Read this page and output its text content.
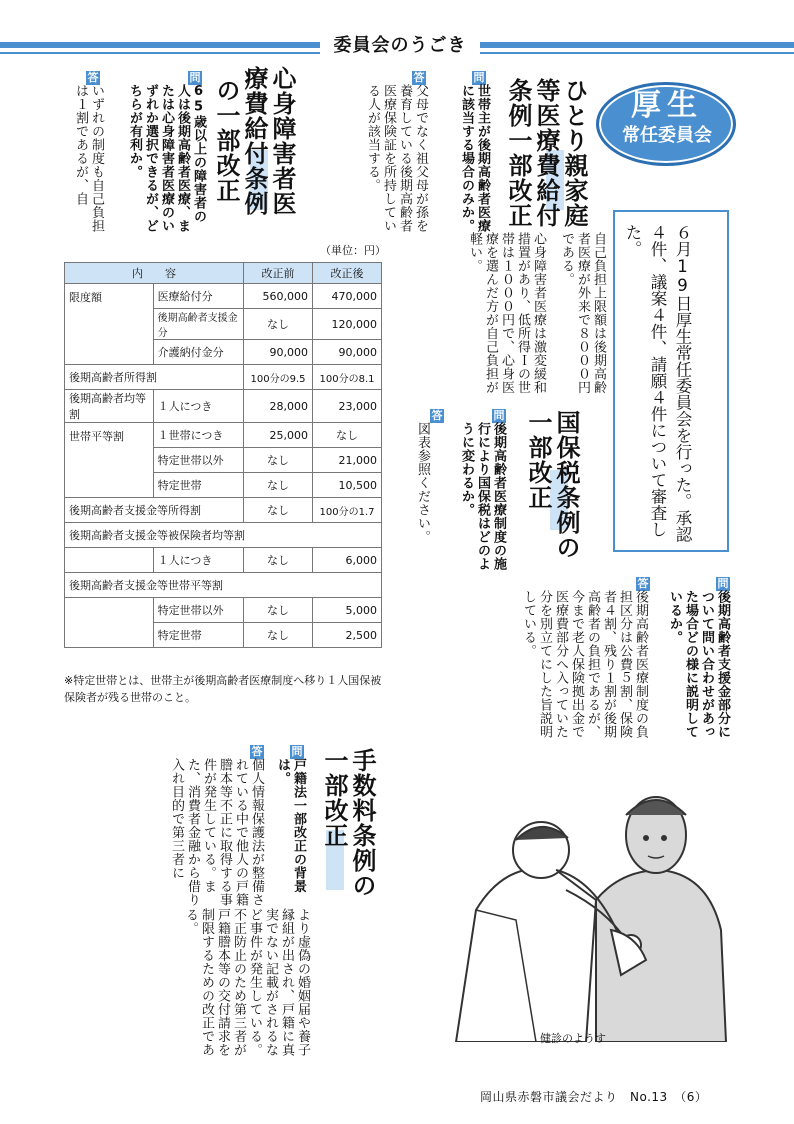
委員会のうごき
厚生
常任委員会
６月19日厚生常任委員会を行った。承認４件、議案４件、請願４件について審査した。
ひとり親家庭
等医療費給付
条例一部改正
問
世帯主が後期高齢者医療に該当する場合のみか。
答
父母でなく祖父母が孫を養育している後期高齢者医療保険証を所持している人が該当する。
自己負担上限額は後期高齢者医療が外来で８０００円である。
心身障害者医療は激変緩和措置があり、低所得Ｉの世帯は１０００円で、心身医療を選んだ方が自己負担が軽い。
心身障害者医
療費給付条例
の一部改正
問
65歳以上の障害者の人は後期高齢者医療、または心身障害者医療のいずれか選択できるが、どちらが有利か。
答
いずれの制度も自己負担は１割であるが、自
国保税条例の
一部改正
問
後期高齢者医療制度の施行により国保税はどのように変わるか。
答
図表参照ください。
問
後期高齢者支援金部分について問い合わせがあった場合どの様に説明しているか。
答
後期高齢者医療制度の負担区分は公費５割、保険者４割、残り１割が後期高齢者の負担であるが、今まで老人保険拠出金で医療費部分へ入っていた分を別立てにした旨説明している。
（単位：円）
内　　容		改正前	改正後
限度額	医療給付分	560,000	470,000
	後期高齢者支援金分	なし	120,000
	介護納付金分	90,000	90,000
後期高齢者所得割		100分の9.5	100分の8.1
後期高齢者均等割	１人につき	28,000	23,000
世帯平等割	１世帯につき	25,000	なし
	特定世帯以外	なし	21,000
	特定世帯	なし	10,500
後期高齢者支援金等所得割		なし	100分の1.7
後期高齢者支援金等被保険者均等割			
	１人につき	なし	6,000
後期高齢者支援金等世帯平等割			
	特定世帯以外	なし	5,000
	特定世帯	なし	2,500
※特定世帯とは、世帯主が後期高齢者医療制度へ移り１人国保被保険者が残る世帯のこと。
手数料条例の
一部改正
問
戸籍法一部改正の背景は。
答
個人情報保護法が整備されている中で他人の戸籍謄本等不正に取得する事件が発生している。また、消費者金融から借り入れ目的で第三者に
より虚偽の婚姻届や養子縁組が出され、戸籍に真実でない記載がされるなど事件が発生している。不正防止のため第三者が戸籍謄本等の交付請求を制限するための改正である。
健診のようす
岡山県赤磐市議会だより　No.13　（6）
